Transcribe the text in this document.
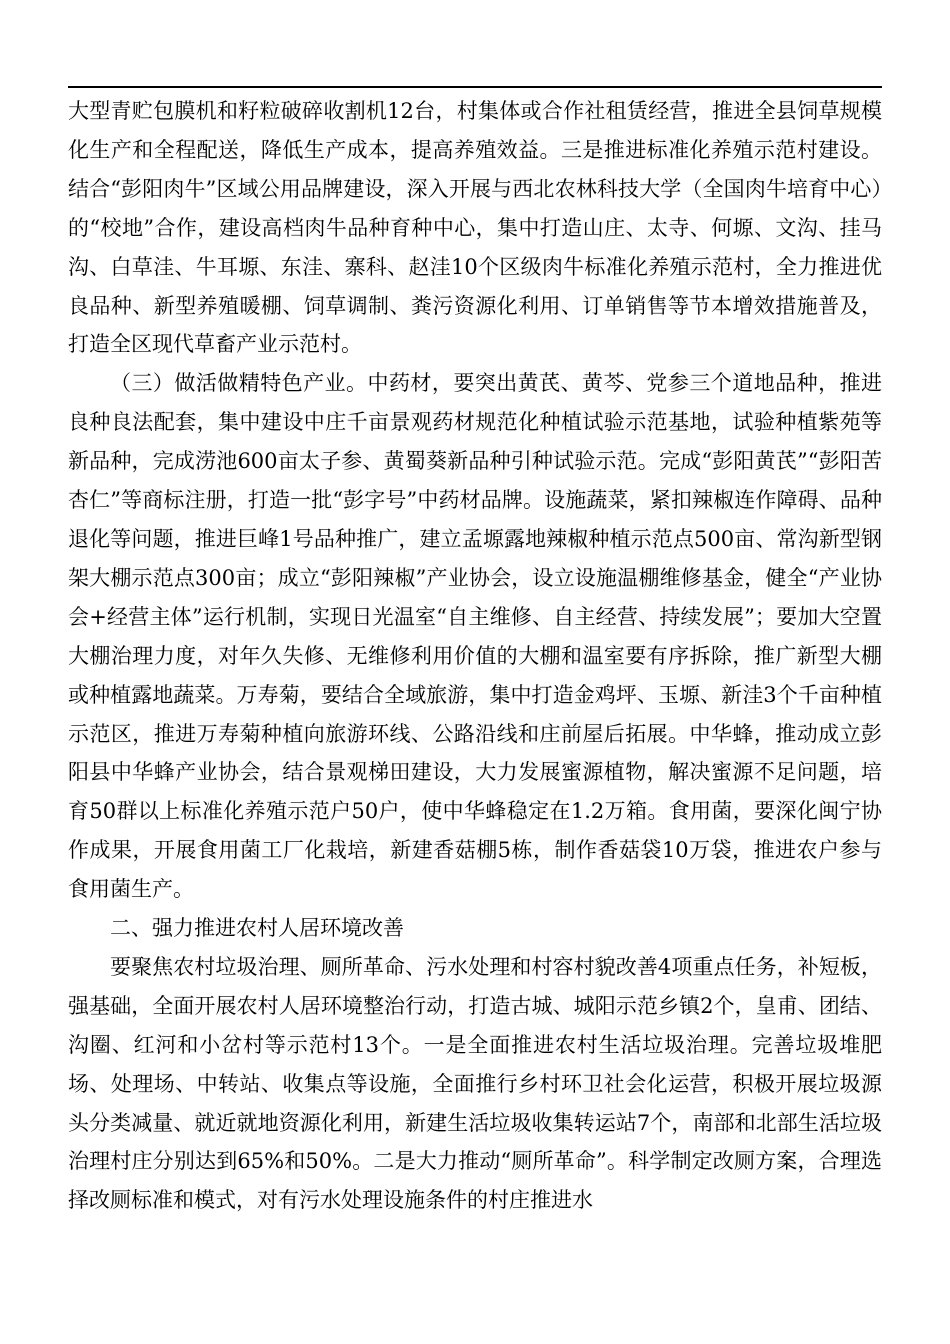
大型青贮包膜机和籽粒破碎收割机12台，村集体或合作社租赁经营，推进全县饲草规模化生产和全程配送，降低生产成本，提高养殖效益。三是推进标准化养殖示范村建设。结合“彭阳肉牛”区域公用品牌建设，深入开展与西北农林科技大学（全国肉牛培育中心）的“校地”合作，建设高档肉牛品种育种中心，集中打造山庄、太寺、何塬、文沟、挂马沟、白草洼、牛耳塬、东洼、寨科、赵洼10个区级肉牛标准化养殖示范村，全力推进优良品种、新型养殖暖棚、饲草调制、粪污资源化利用、订单销售等节本增效措施普及，打造全区现代草畜产业示范村。

（三）做活做精特色产业。中药材，要突出黄芪、黄芩、党参三个道地品种，推进良种良法配套，集中建设中庄千亩景观药材规范化种植试验示范基地，试验种植紫苑等新品种，完成涝池600亩太子参、黄蜀葵新品种引种试验示范。完成“彭阳黄芪”“彭阳苦杏仁”等商标注册，打造一批“彭字号”中药材品牌。设施蔬菜，紧扣辣椒连作障碍、品种退化等问题，推进巨峰1号品种推广，建立孟塬露地辣椒种植示范点500亩、常沟新型钢架大棚示范点300亩；成立“彭阳辣椒”产业协会，设立设施温棚维修基金，健全“产业协会+经营主体”运行机制，实现日光温室“自主维修、自主经营、持续发展”；要加大空置大棚治理力度，对年久失修、无维修利用价值的大棚和温室要有序拆除，推广新型大棚或种植露地蔬菜。万寿菊，要结合全域旅游，集中打造金鸡坪、玉塬、新洼3个千亩种植示范区，推进万寿菊种植向旅游环线、公路沿线和庄前屋后拓展。中华蜂，推动成立彭阳县中华蜂产业协会，结合景观梯田建设，大力发展蜜源植物，解决蜜源不足问题，培育50群以上标准化养殖示范户50户，使中华蜂稳定在1.2万箱。食用菌，要深化闽宁协作成果，开展食用菌工厂化栽培，新建香菇棚5栋，制作香菇袋10万袋，推进农户参与食用菌生产。

二、强力推进农村人居环境改善

要聚焦农村垃圾治理、厕所革命、污水处理和村容村貌改善4项重点任务，补短板，强基础，全面开展农村人居环境整治行动，打造古城、城阳示范乡镇2个，皇甫、团结、沟圈、红河和小岔村等示范村13个。一是全面推进农村生活垃圾治理。完善垃圾堆肥场、处理场、中转站、收集点等设施，全面推行乡村环卫社会化运营，积极开展垃圾源头分类减量、就近就地资源化利用，新建生活垃圾收集转运站7个，南部和北部生活垃圾治理村庄分别达到65%和50%。二是大力推动“厕所革命”。科学制定改厕方案，合理选择改厕标准和模式，对有污水处理设施条件的村庄推进水
